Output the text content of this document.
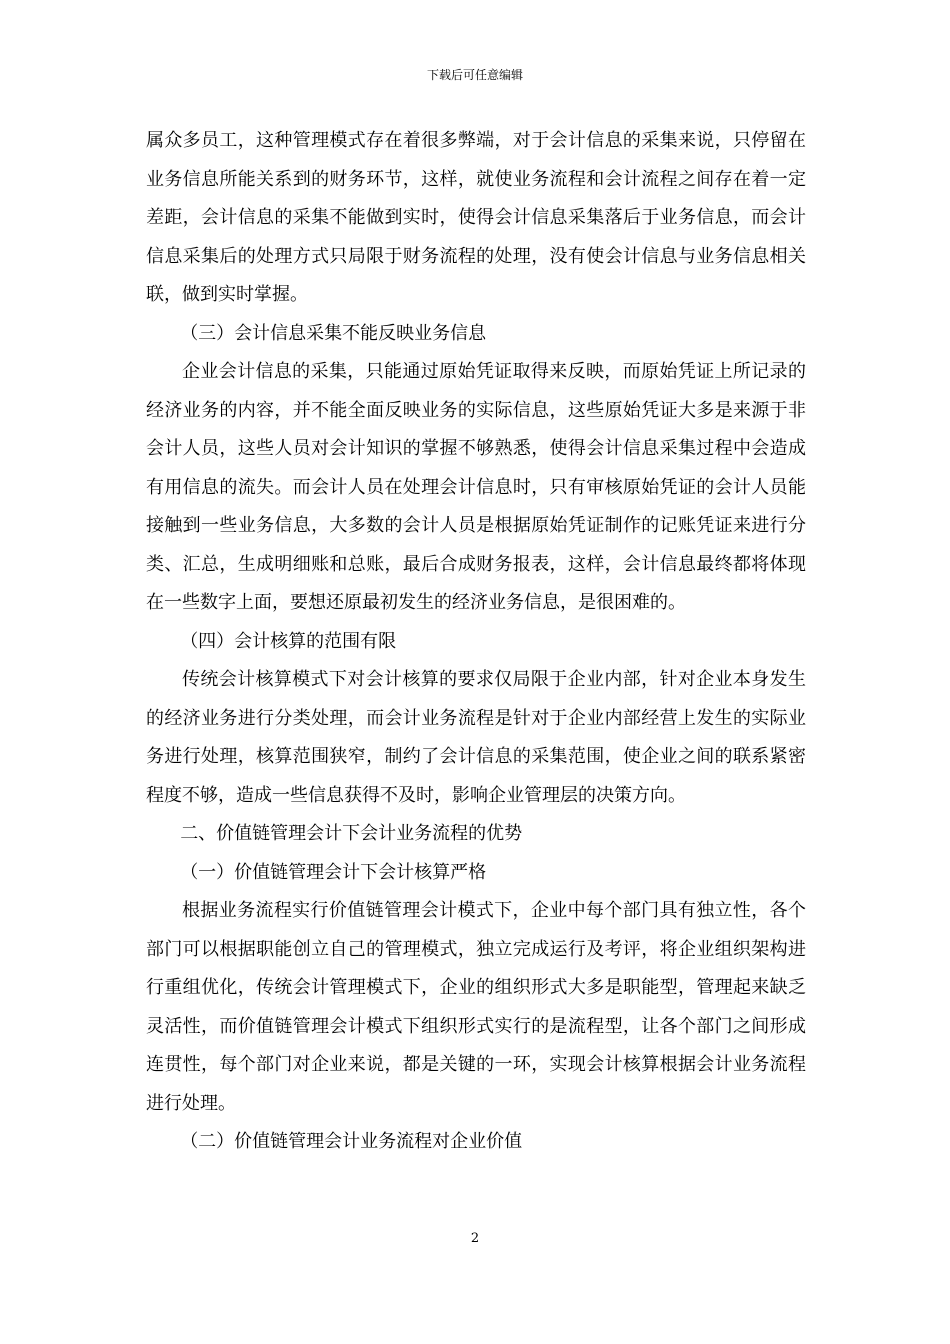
下载后可任意编辑

属众多员工，这种管理模式存在着很多弊端，对于会计信息的采集来说，只停留在业务信息所能关系到的财务环节，这样，就使业务流程和会计流程之间存在着一定差距，会计信息的采集不能做到实时，使得会计信息采集落后于业务信息，而会计信息采集后的处理方式只局限于财务流程的处理，没有使会计信息与业务信息相关联，做到实时掌握。

（三）会计信息采集不能反映业务信息

企业会计信息的采集，只能通过原始凭证取得来反映，而原始凭证上所记录的经济业务的内容，并不能全面反映业务的实际信息，这些原始凭证大多是来源于非会计人员，这些人员对会计知识的掌握不够熟悉，使得会计信息采集过程中会造成有用信息的流失。而会计人员在处理会计信息时，只有审核原始凭证的会计人员能接触到一些业务信息，大多数的会计人员是根据原始凭证制作的记账凭证来进行分类、汇总，生成明细账和总账，最后合成财务报表，这样，会计信息最终都将体现在一些数字上面，要想还原最初发生的经济业务信息，是很困难的。

（四）会计核算的范围有限

传统会计核算模式下对会计核算的要求仅局限于企业内部，针对企业本身发生的经济业务进行分类处理，而会计业务流程是针对于企业内部经营上发生的实际业务进行处理，核算范围狭窄，制约了会计信息的采集范围，使企业之间的联系紧密程度不够，造成一些信息获得不及时，影响企业管理层的决策方向。

二、价值链管理会计下会计业务流程的优势

（一）价值链管理会计下会计核算严格

根据业务流程实行价值链管理会计模式下，企业中每个部门具有独立性，各个部门可以根据职能创立自己的管理模式，独立完成运行及考评，将企业组织架构进行重组优化，传统会计管理模式下，企业的组织形式大多是职能型，管理起来缺乏灵活性，而价值链管理会计模式下组织形式实行的是流程型，让各个部门之间形成连贯性，每个部门对企业来说，都是关键的一环，实现会计核算根据会计业务流程进行处理。

（二）价值链管理会计业务流程对企业价值

2
